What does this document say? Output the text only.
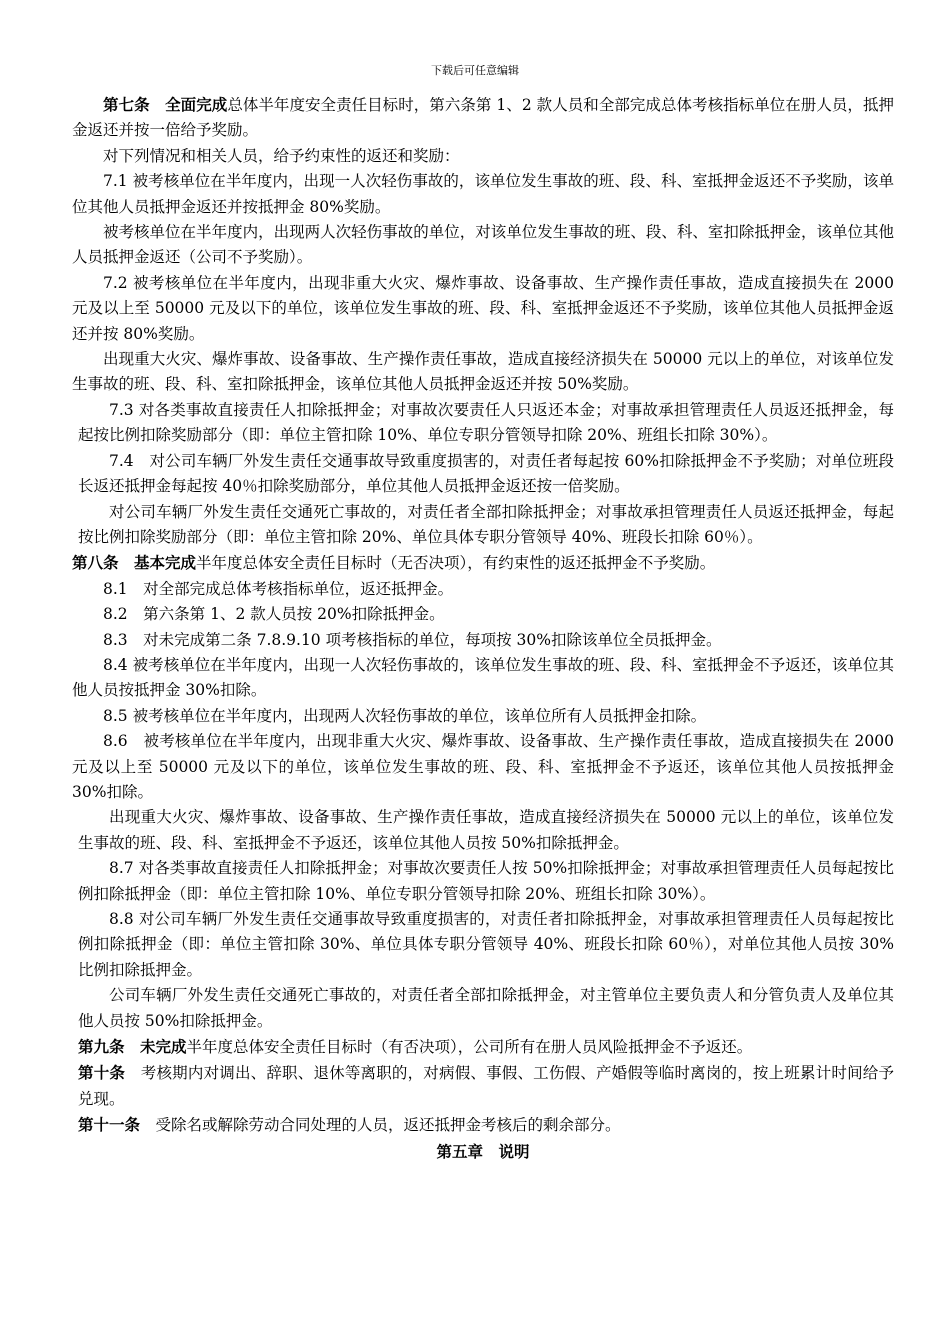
下载后可任意编辑

第七条　全面完成总体半年度安全责任目标时，第六条第 1、2 款人员和全部完成总体考核指标单位在册人员，抵押金返还并按一倍给予奖励。

对下列情况和相关人员，给予约束性的返还和奖励：

7.1 被考核单位在半年度内，出现一人次轻伤事故的，该单位发生事故的班、段、科、室抵押金返还不予奖励，该单位其他人员抵押金返还并按抵押金 80%奖励。

被考核单位在半年度内，出现两人次轻伤事故的单位，对该单位发生事故的班、段、科、室扣除抵押金，该单位其他人员抵押金返还（公司不予奖励）。

7.2 被考核单位在半年度内，出现非重大火灾、爆炸事故、设备事故、生产操作责任事故，造成直接损失在 2000 元及以上至 50000 元及以下的单位，该单位发生事故的班、段、科、室抵押金返还不予奖励，该单位其他人员抵押金返还并按 80%奖励。

出现重大火灾、爆炸事故、设备事故、生产操作责任事故，造成直接经济损失在 50000 元以上的单位，对该单位发生事故的班、段、科、室扣除抵押金，该单位其他人员抵押金返还并按 50%奖励。

7.3 对各类事故直接责任人扣除抵押金；对事故次要责任人只返还本金；对事故承担管理责任人员返还抵押金，每起按比例扣除奖励部分（即：单位主管扣除 10%、单位专职分管领导扣除 20%、班组长扣除 30%）。

7.4　对公司车辆厂外发生责任交通事故导致重度损害的，对责任者每起按 60%扣除抵押金不予奖励；对单位班段长返还抵押金每起按 40％扣除奖励部分，单位其他人员抵押金返还按一倍奖励。

对公司车辆厂外发生责任交通死亡事故的，对责任者全部扣除抵押金；对事故承担管理责任人员返还抵押金，每起按比例扣除奖励部分（即：单位主管扣除 20%、单位具体专职分管领导 40%、班段长扣除 60％）。

第八条　基本完成半年度总体安全责任目标时（无否决项），有约束性的返还抵押金不予奖励。

8.1　对全部完成总体考核指标单位，返还抵押金。

8.2　第六条第 1、2 款人员按 20%扣除抵押金。

8.3　对未完成第二条 7.8.9.10 项考核指标的单位，每项按 30%扣除该单位全员抵押金。

8.4 被考核单位在半年度内，出现一人次轻伤事故的，该单位发生事故的班、段、科、室抵押金不予返还，该单位其他人员按抵押金 30%扣除。

8.5 被考核单位在半年度内，出现两人次轻伤事故的单位，该单位所有人员抵押金扣除。

8.6　被考核单位在半年度内，出现非重大火灾、爆炸事故、设备事故、生产操作责任事故，造成直接损失在 2000 元及以上至 50000 元及以下的单位，该单位发生事故的班、段、科、室抵押金不予返还，该单位其他人员按抵押金 30%扣除。

出现重大火灾、爆炸事故、设备事故、生产操作责任事故，造成直接经济损失在 50000 元以上的单位，该单位发生事故的班、段、科、室抵押金不予返还，该单位其他人员按 50%扣除抵押金。

8.7 对各类事故直接责任人扣除抵押金；对事故次要责任人按 50%扣除抵押金；对事故承担管理责任人员每起按比例扣除抵押金（即：单位主管扣除 10%、单位专职分管领导扣除 20%、班组长扣除 30%）。

8.8 对公司车辆厂外发生责任交通事故导致重度损害的，对责任者扣除抵押金，对事故承担管理责任人员每起按比例扣除抵押金（即：单位主管扣除 30%、单位具体专职分管领导 40%、班段长扣除 60％），对单位其他人员按 30%比例扣除抵押金。

公司车辆厂外发生责任交通死亡事故的，对责任者全部扣除抵押金，对主管单位主要负责人和分管负责人及单位其他人员按 50%扣除抵押金。

第九条　未完成半年度总体安全责任目标时（有否决项），公司所有在册人员风险抵押金不予返还。

第十条　考核期内对调出、辞职、退休等离职的，对病假、事假、工伤假、产婚假等临时离岗的，按上班累计时间给予兑现。

第十一条　受除名或解除劳动合同处理的人员，返还抵押金考核后的剩余部分。

第五章　说明
